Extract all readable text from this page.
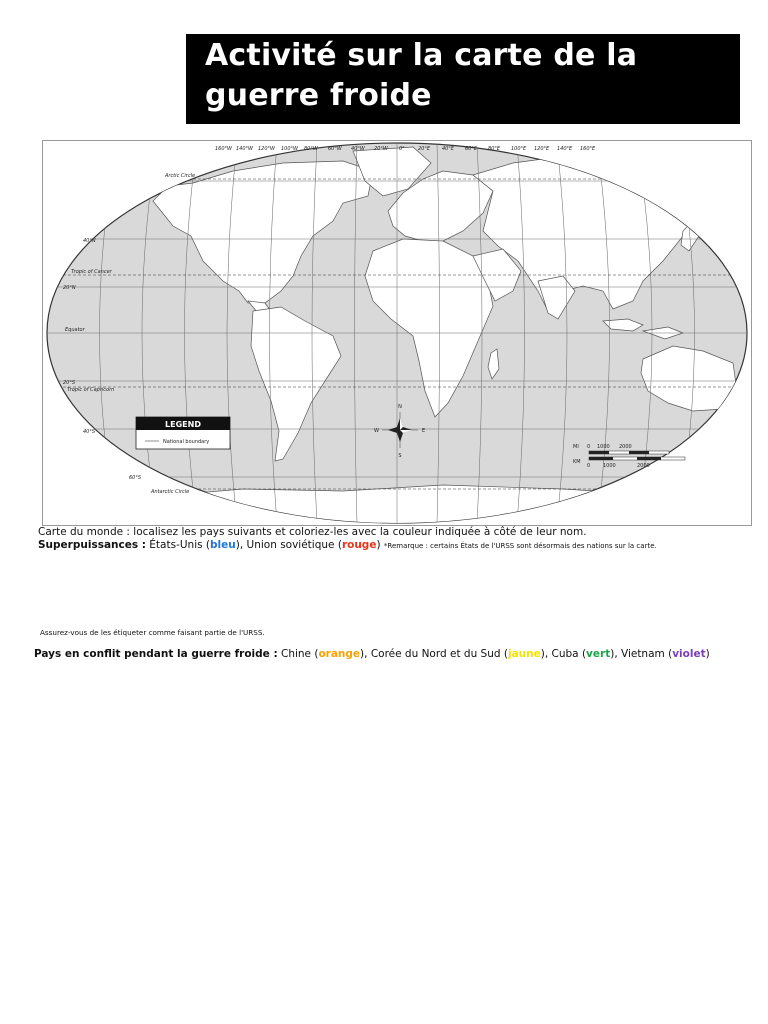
Activité sur la carte de la guerre froide
Arctic Circle
40°N
Tropic of Cancer
20°N
Equator
20°S
Tropic of Capricorn
40°S
60°S
Antarctic Circle
160°W 140°W 120°W 100°W 80°W 60°W 40°W 20°W 0°	20°E 40°E 60°E 80°E 100°E 120°E 140°E 160°E
LEGEND
National boundary
N
S
E
W
MI
KM
0 1000 2000
0	1000	2000
Carte du monde : localisez les pays suivants et coloriez-les avec la couleur indiquée à côté de leur nom.
Superpuissances : États-Unis (bleu), Union soviétique (rouge) *Remarque : certains États de l'URSS sont désormais des nations sur la carte.
Assurez-vous de les étiqueter comme faisant partie de l'URSS.
Pays en conflit pendant la guerre froide : Chine (orange), Corée du Nord et du Sud (jaune), Cuba (vert), Vietnam (violet)
